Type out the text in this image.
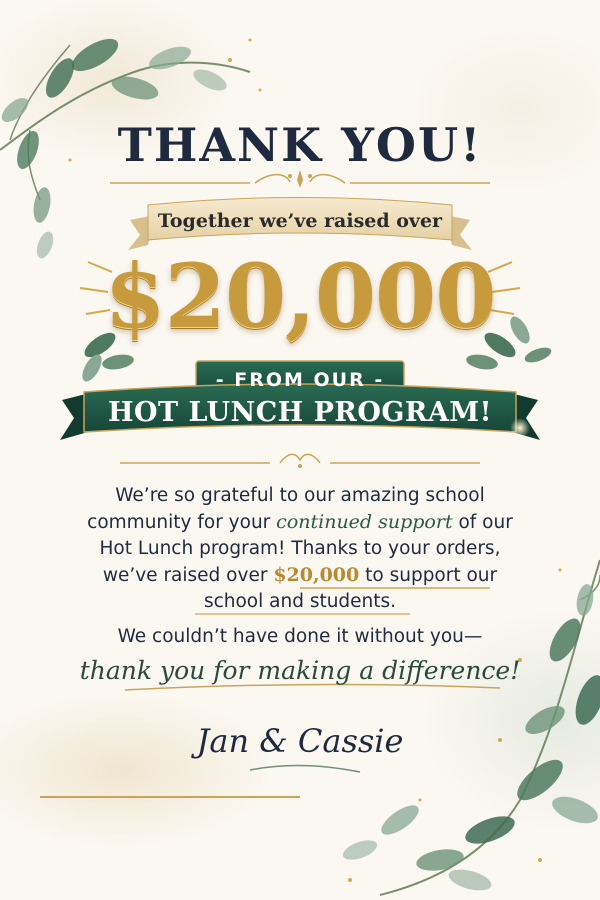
THANK YOU!
Together we’ve raised over
$20,000
- FROM OUR -
HOT LUNCH PROGRAM!
We’re so grateful to our amazing school community for your continued support of our Hot Lunch program! Thanks to your orders, we’ve raised over $20,000 to support our school and students.
We couldn’t have done it without you—
thank you for making a difference!
Jan & Cassie
